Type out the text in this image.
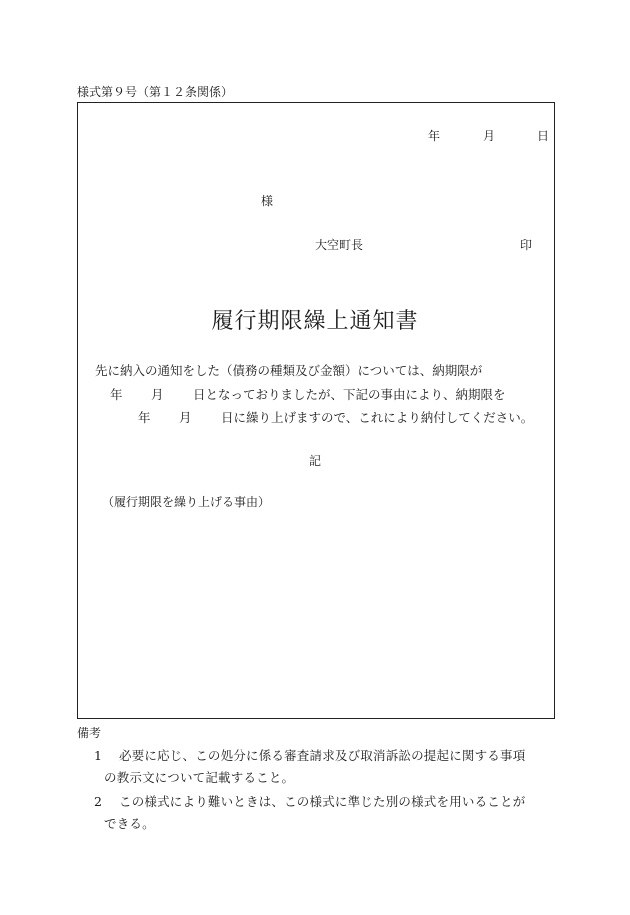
様式第９号（第１２条関係）
年	月	日
様
大空町長	印
履行期限繰上通知書
先に納入の通知をした（債務の種類及び金額）については、納期限が
年 月 日となっておりましたが、下記の事由により、納期限を
年 月 日に繰り上げますので、これにより納付してください。
記
（履行期限を繰り上げる事由）
備考
1 必要に応じ、この処分に係る審査請求及び取消訴訟の提起に関する事項
の教示文について記載すること。
2 この様式により難いときは、この様式に準じた別の様式を用いることが
できる。
